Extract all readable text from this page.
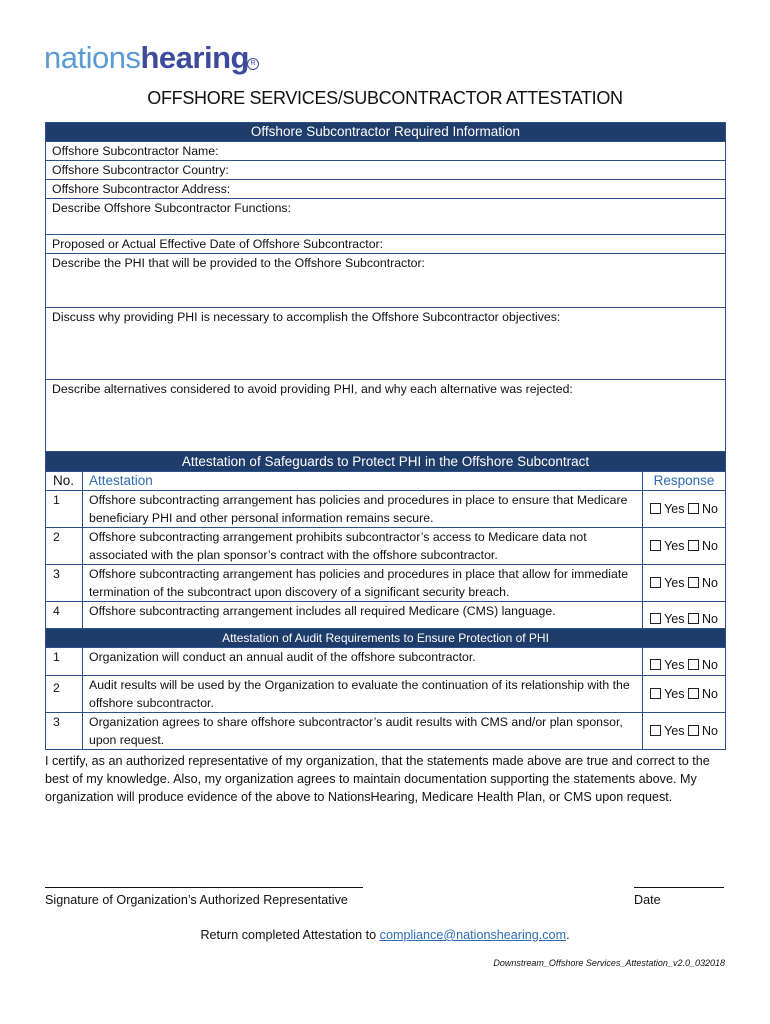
nationshearing R
OFFSHORE SERVICES/SUBCONTRACTOR ATTESTATION
Offshore Subcontractor Required Information		
Offshore Subcontractor Name:		
Offshore Subcontractor Country:		
Offshore Subcontractor Address:		
Describe Offshore Subcontractor Functions:		
Proposed or Actual Effective Date of Offshore Subcontractor:		
Describe the PHI that will be provided to the Offshore Subcontractor:		
Discuss why providing PHI is necessary to accomplish the Offshore Subcontractor objectives:		
Describe alternatives considered to avoid providing PHI, and why each alternative was rejected:		
Attestation of Safeguards to Protect PHI in the Offshore Subcontract		
No.	Attestation	Response
1	Offshore subcontracting arrangement has policies and procedures in place to ensure that Medicare beneficiary PHI and other personal information remains secure.	Yes No
2	Offshore subcontracting arrangement prohibits subcontractor’s access to Medicare data not associated with the plan sponsor’s contract with the offshore subcontractor.	Yes No
3	Offshore subcontracting arrangement has policies and procedures in place that allow for immediate termination of the subcontract upon discovery of a significant security breach.	Yes No
4	Offshore subcontracting arrangement includes all required Medicare (CMS) language.	Yes No
Attestation of Audit Requirements to Ensure Protection of PHI		
1	Organization will conduct an annual audit of the offshore subcontractor.	Yes No
2	Audit results will be used by the Organization to evaluate the continuation of its relationship with the offshore subcontractor.	Yes No
3	Organization agrees to share offshore subcontractor’s audit results with CMS and/or plan sponsor, upon request.	Yes No
I certify, as an authorized representative of my organization, that the statements made above are true and correct to the best of my knowledge. Also, my organization agrees to maintain documentation supporting the statements above. My organization will produce evidence of the above to NationsHearing, Medicare Health Plan, or CMS upon request.
Signature of Organization’s Authorized Representative	Date
Return completed Attestation to compliance@nationshearing.com.
Downstream_Offshore Services_Attestation_v2.0_032018
